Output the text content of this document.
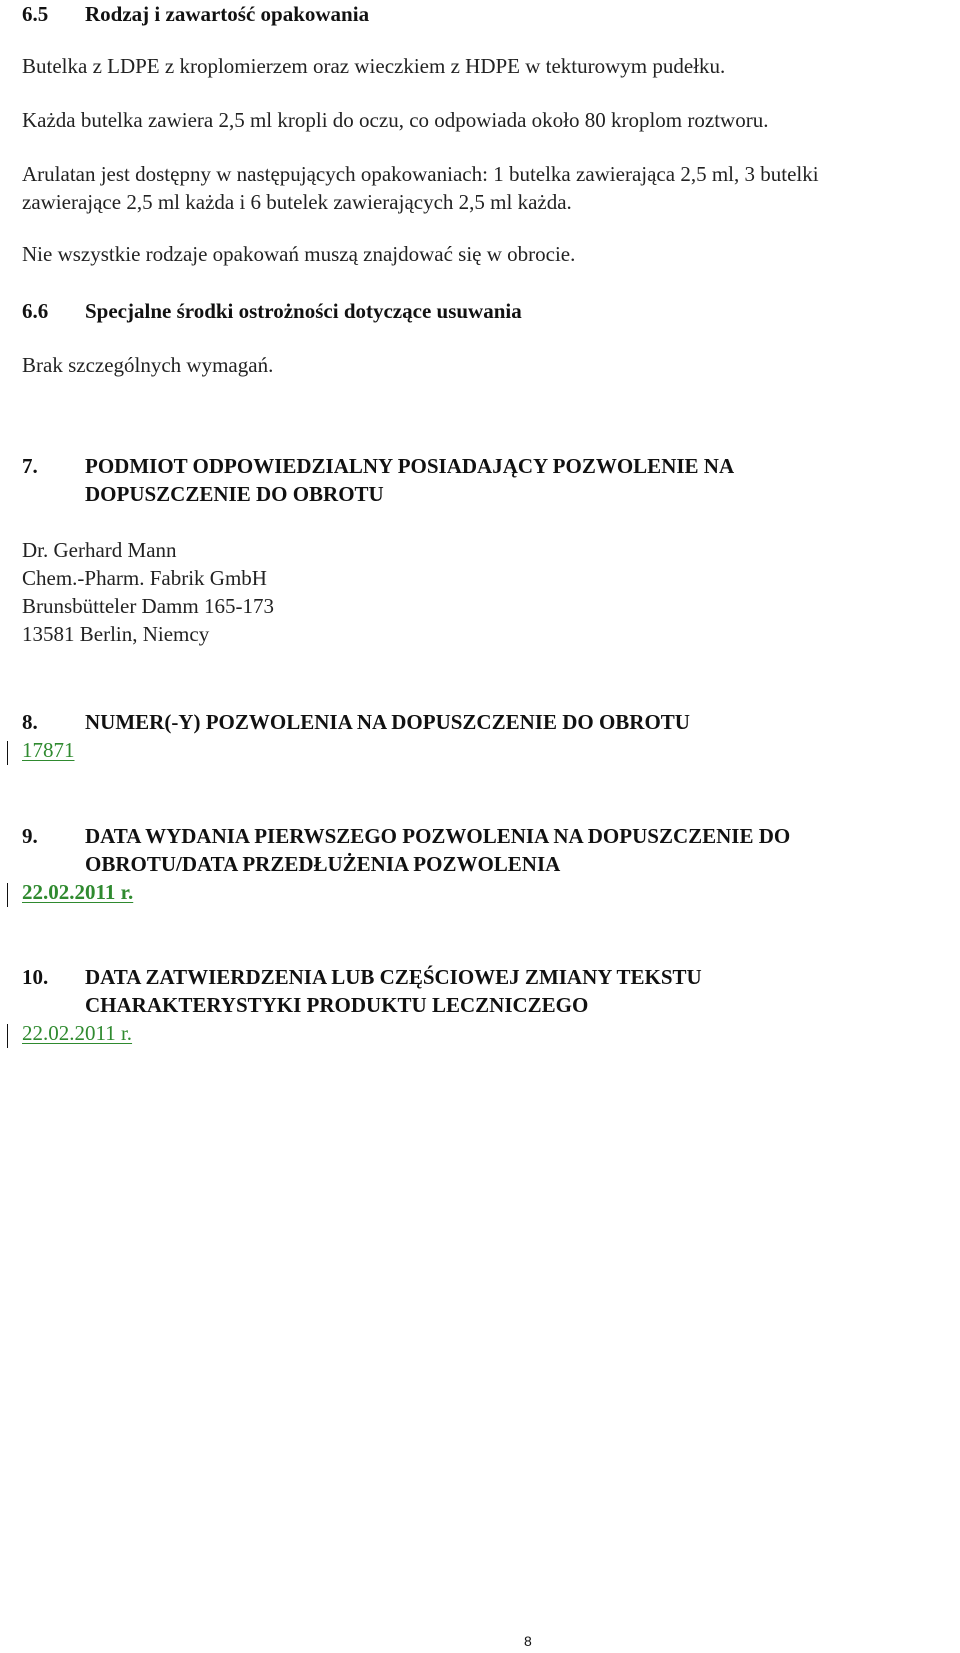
6.5 Rodzaj i zawartość opakowania
Butelka z LDPE z kroplomierzem oraz wieczkiem z HDPE w tekturowym pudełku.
Każda butelka zawiera 2,5 ml kropli do oczu, co odpowiada około 80 kroplom roztworu.
Arulatan jest dostępny w następujących opakowaniach: 1 butelka zawierająca 2,5 ml, 3 butelki
zawierające 2,5 ml każda i 6 butelek zawierających 2,5 ml każda.
Nie wszystkie rodzaje opakowań muszą znajdować się w obrocie.
6.6 Specjalne środki ostrożności dotyczące usuwania
Brak szczególnych wymagań.
7. PODMIOT ODPOWIEDZIALNY POSIADAJĄCY POZWOLENIE NA
DOPUSZCZENIE DO OBROTU
Dr. Gerhard Mann
Chem.-Pharm. Fabrik GmbH
Brunsbütteler Damm 165-173
13581 Berlin, Niemcy
8. NUMER(-Y) POZWOLENIA NA DOPUSZCZENIE DO OBROTU
17871
9. DATA WYDANIA PIERWSZEGO POZWOLENIA NA DOPUSZCZENIE DO
OBROTU/DATA PRZEDŁUŻENIA POZWOLENIA
22.02.2011 r.
10. DATA ZATWIERDZENIA LUB CZĘŚCIOWEJ ZMIANY TEKSTU
CHARAKTERYSTYKI PRODUKTU LECZNICZEGO
22.02.2011 r.
8
